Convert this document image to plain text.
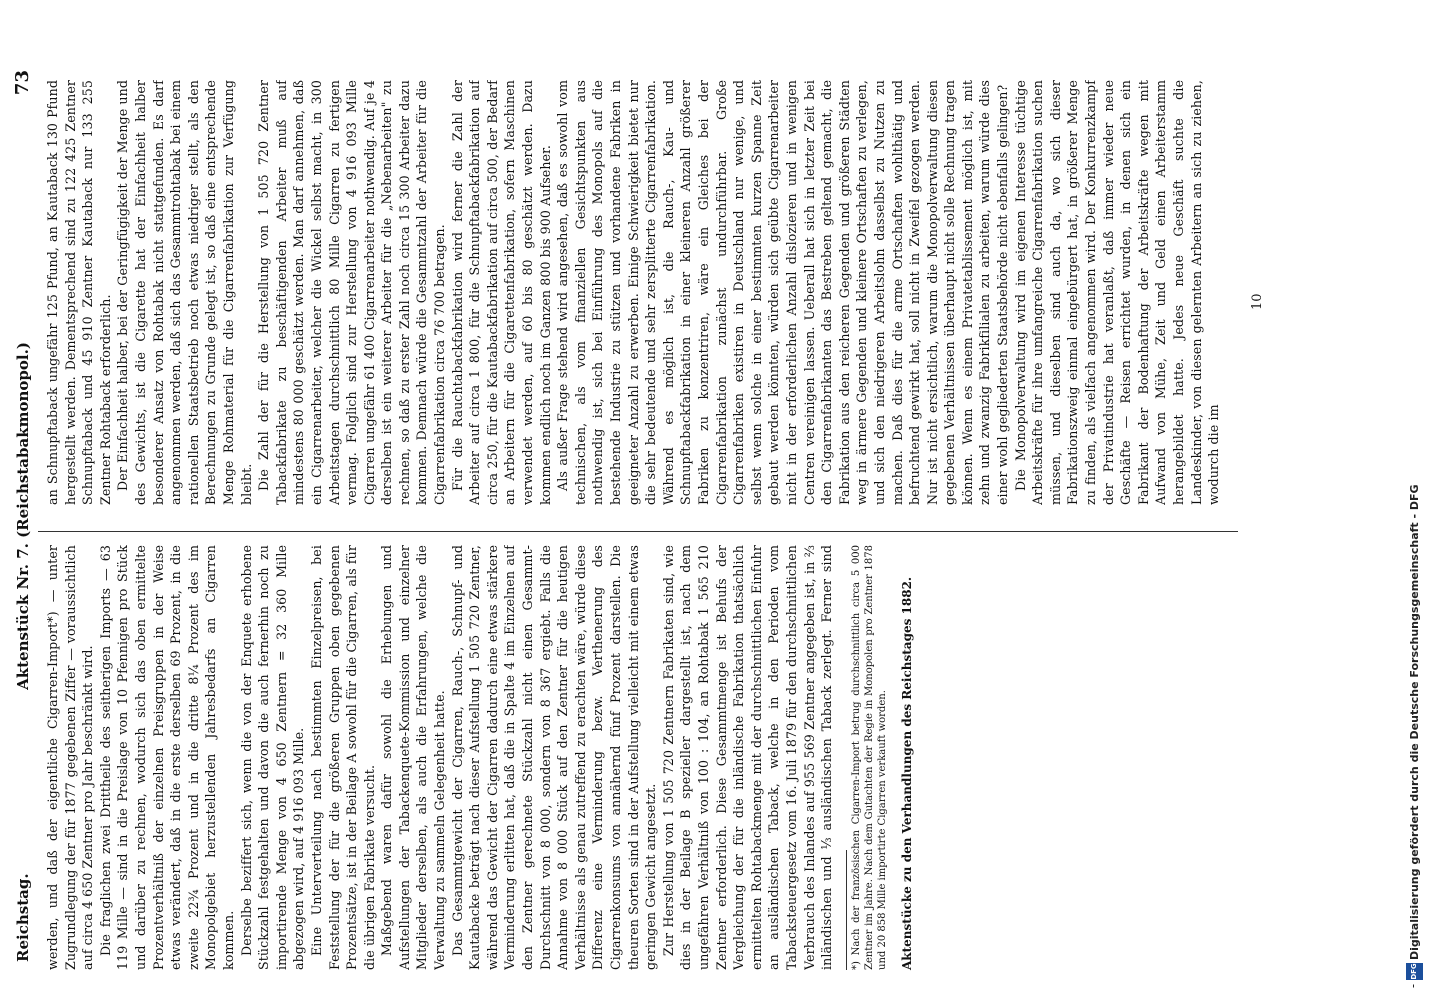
Reichstag.
Aktenstück Nr. 7. (Reichstabakmonopol.)
73

werden, und daß der eigentliche Cigarren-Import*) — unter Zugrundlegung der für 1877 gegebenen Ziffer — voraussichtlich auf circa 4 650 Zentner pro Jahr beschränkt wird. Die fraglichen zwei Drittheile des seitherigen Imports — 63 119 Mille — sind in die Preislage von 10 Pfennigen pro Stück und darüber zu rechnen, wodurch sich das oben ermittelte Prozentverhältniß der einzelnen Preisgruppen in der Weise etwas verändert, daß in die erste derselben 69 Prozent, in die zweite 22¾ Prozent und in die dritte 8¼ Prozent des im Monopolgebiet herzustellenden Jahresbedarfs an Cigarren kommen. Derselbe beziffert sich, wenn die von der Enquete erhobene Stückzahl festgehalten und davon die auch fernerhin noch zu importirende Menge von 4 650 Zentnern = 32 360 Mille abgezogen wird, auf 4 916 093 Mille. Eine Unterverteilung nach bestimmten Einzelpreisen, bei Feststellung der für die größeren Gruppen oben gegebenen Prozentsätze, ist in der Beilage A sowohl für die Cigarren, als für die übrigen Fabrikate versucht. Maßgebend waren dafür sowohl die Erhebungen und Aufstellungen der Tabackenquete-Kommission und einzelner Mitglieder derselben, als auch die Erfahrungen, welche die Verwaltung zu sammeln Gelegenheit hatte. Das Gesammtgewicht der Cigarren, Rauch-, Schnupf- und Kautabacke beträgt nach dieser Aufstellung 1 505 720 Zentner, während das Gewicht der Cigarren dadurch eine etwas stärkere Verminderung erlitten hat, daß die in Spalte 4 im Einzelnen auf den Zentner gerechnete Stückzahl nicht einen Gesammt-Durchschnitt von 8 000, sondern von 8 367 ergiebt. Falls die Annahme von 8 000 Stück auf den Zentner für die heutigen Verhältnisse als genau zutreffend zu erachten wäre, würde diese Differenz eine Verminderung bezw. Verthenerung des Cigarrenkonsums von annähernd fünf Prozent darstellen. Die theuren Sorten sind in der Aufstellung vielleicht mit einem etwas geringen Gewicht angesetzt. Zur Herstellung von 1 505 720 Zentnern Fabrikaten sind, wie dies in der Beilage B spezieller dargestellt ist, nach dem ungefähren Verhältniß von 100 : 104, an Rohtabak 1 565 210 Zentner erforderlich. Diese Gesammtmenge ist Behufs der Vergleichung der für die inländische Fabrikation thatsächlich ermittelten Rohtabackmenge mit der durchschnittlichen Einfuhr an ausländischen Taback, welche in den Perioden vom Tabacksteuergesetz vom 16. Juli 1879 für den durchschnittlichen Verbrauch des Inlandes auf 955 569 Zentner angegeben ist, in ⅔ inländischen und ⅓ ausländischen Taback zerlegt. Ferner sind	*) Nach der französischen Cigarren-Import betrug durchschnittlich circa 5 000 Zentner im Jahre. Nach dem Gutachten der Regie in Monopolen pro Zentner 1878 und 20 858 Mille importirte Cigarren verkauft worden. Aktenstücke zu den Verhandlungen des Reichstages 1882.

an Schnupftaback ungefähr 125 Pfund, an Kautaback 130 Pfund hergestellt werden. Dementsprechend sind zu 122 425 Zentner Schnupftaback und 45 910 Zentner Kautaback nur 133 255 Zentner Rohtaback erforderlich. Der Einfachheit halber, bei der Geringfügigkeit der Menge und des Gewichts, ist die Cigarette hat der Einfachheit halber besonderer Ansatz von Rohtabak nicht stattgefunden. Es darf angenommen werden, daß sich das Gesammtrohtabak bei einem rationellen Staatsbetrieb noch etwas niedriger stellt, als den Berechnungen zu Grunde gelegt ist, so daß eine entsprechende Menge Rohmaterial für die Cigarrenfabrikation zur Verfügung bleibt. Die Zahl der für die Herstellung von 1 505 720 Zentner Tabackfabrikate zu beschäftigenden Arbeiter muß auf mindestens 80 000 geschätzt werden. Man darf annehmen, daß ein Cigarrenarbeiter, welcher die Wickel selbst macht, in 300 Arbeitstagen durchschnittlich 80 Mille Cigarren zu fertigen vermag. Folglich sind zur Herstellung von 4 916 093 Mille Cigarren ungefähr 61 400 Cigarrenarbeiter nothwendig. Auf je 4 derselben ist ein weiterer Arbeiter für die „Nebenarbeiten" zu rechnen, so daß zu erster Zahl noch circa 15 300 Arbeiter dazu kommen. Demnach würde die Gesammtzahl der Arbeiter für die Cigarrenfabrikation circa 76 700 betragen. Für die Rauchtabackfabrikation wird ferner die Zahl der Arbeiter auf circa 1 800, für die Schnupftabackfabrikation auf circa 250, für die Kautabackfabrikation auf circa 500, der Bedarf an Arbeitern für die Cigarettenfabrikation, sofern Maschinen verwendet werden, auf 60 bis 80 geschätzt werden. Dazu kommen endlich noch im Ganzen 800 bis 900 Aufseher. Als außer Frage stehend wird angesehen, daß es sowohl vom technischen, als vom finanziellen Gesichtspunkten aus nothwendig ist, sich bei Einführung des Monopols auf die bestehende Industrie zu stützen und vorhandene Fabriken in geeigneter Anzahl zu erwerben. Einige Schwierigkeit bietet nur die sehr bedeutende und sehr zersplitterte Cigarrenfabrikation. Während es möglich ist, die Rauch-, Kau- und Schnupftabackfabrikation in einer kleineren Anzahl größerer Fabriken zu konzentriren, wäre ein Gleiches bei der Cigarrenfabrikation zunächst undurchführbar. Große Cigarrenfabriken existiren in Deutschland nur wenige, und selbst wenn solche in einer bestimmten kurzen Spanne Zeit gebaut werden könnten, würden sich geübte Cigarrenarbeiter nicht in der erforderlichen Anzahl dislozieren und in wenigen Centren vereinigen lassen. Ueberall hat sich in letzter Zeit bei den Cigarrenfabrikanten das Bestreben geltend gemacht, die Fabrikation aus den reicheren Gegenden und größeren Städten weg in ärmere Gegenden und kleinere Ortschaften zu verlegen, und sich den niedrigeren Arbeitslohn dasselbst zu Nutzen zu machen. Daß dies für die arme Ortschaften wohlthätig und befruchtend gewirkt hat, soll nicht in Zweifel gezogen werden. Nur ist nicht ersichtlich, warum die Monopolverwaltung diesen gegebenen Verhältnissen überhaupt nicht solle Rechnung tragen können. Wenn es einem Privatetablissement möglich ist, mit zehn und zwanzig Fabrikfilialen zu arbeiten, warum würde dies einer wohl gegliederten Staatsbehörde nicht ebenfalls gelingen? Die Monopolverwaltung wird im eigenen Interesse tüchtige Arbeitskräfte für ihre umfangreiche Cigarrenfabrikation suchen müssen, und dieselben sind auch da, wo sich dieser Fabrikationszweig einmal eingebürgert hat, in größerer Menge zu finden, als vielfach angenommen wird. Der Konkurrenzkampf der Privatindustrie hat veranlaßt, daß immer wieder neue Geschäfte — Reisen errichtet wurden, in denen sich ein Fabrikant der Bodenhaftung der Arbeitskräfte wegen mit Aufwand von Mühe, Zeit und Geld einen Arbeiterstamm herangebildet hatte. Jedes neue Geschäft suchte die Landeskinder, von diesen gelernten Arbeitern an sich zu ziehen, wodurch die im

10
-
DFG
Digitalisierung gefördert durch die Deutsche Forschungsgemeinschaft - DFG
